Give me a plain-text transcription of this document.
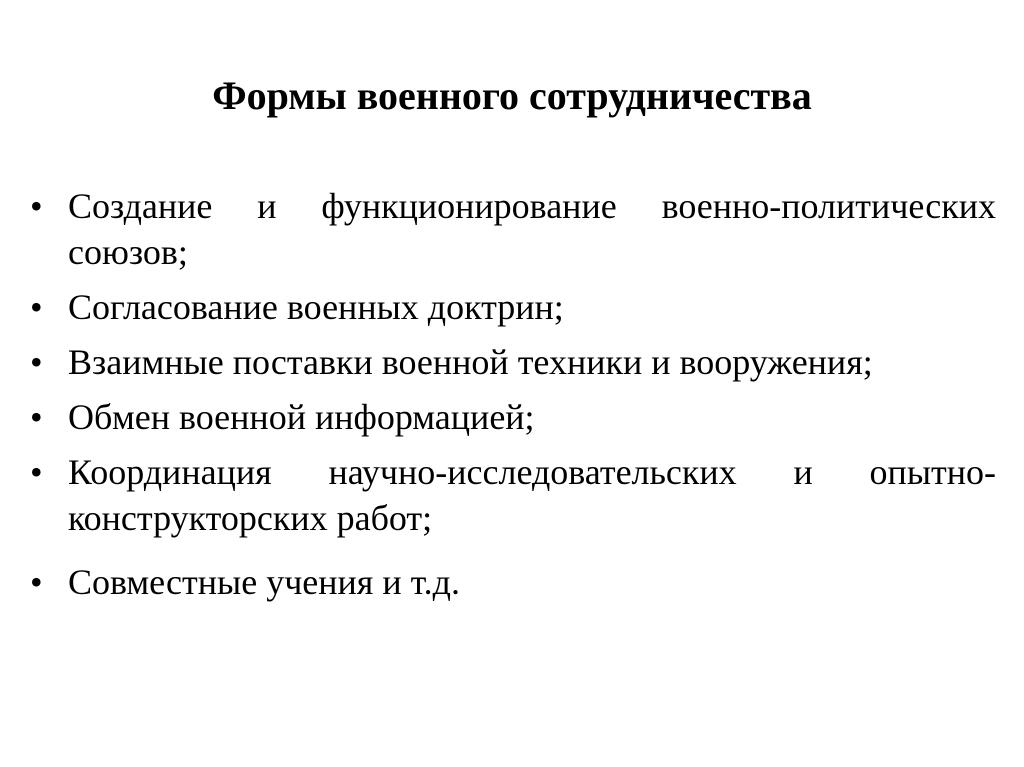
Формы военного сотрудничества
• Создание и функционирование военно-политических союзов;
• Согласование военных доктрин;
• Взаимные поставки военной техники и вооружения;
• Обмен военной информацией;
• Координация научно-исследовательских и опытно-конструкторских работ;
• Совместные учения и т.д.
